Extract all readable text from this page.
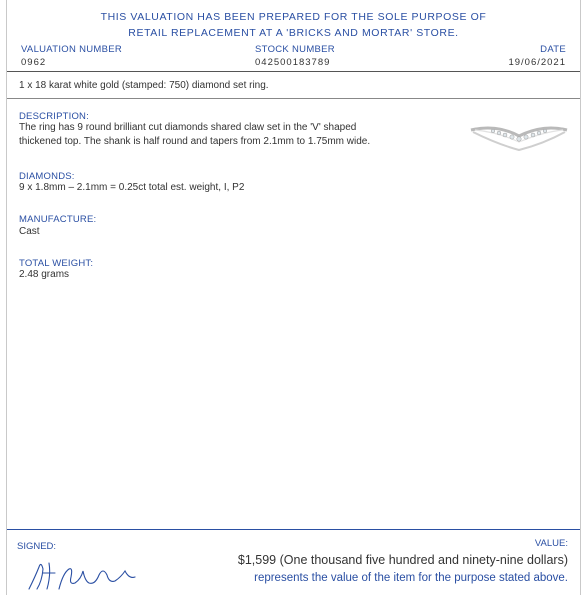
THIS VALUATION HAS BEEN PREPARED FOR THE SOLE PURPOSE OF
RETAIL REPLACEMENT AT A 'BRICKS AND MORTAR' STORE.
VALUATION NUMBER
0962
STOCK NUMBER
042500183789
DATE
19/06/2021
1 x 18 karat white gold (stamped: 750) diamond set ring.
DESCRIPTION:
The ring has 9 round brilliant cut diamonds shared claw set in the 'V' shaped
thickened top. The shank is half round and tapers from 2.1mm to 1.75mm wide.
DIAMONDS:
9 x 1.8mm – 2.1mm = 0.25ct total est. weight, I, P2
MANUFACTURE:
Cast
TOTAL WEIGHT:
2.48 grams
SIGNED:	VALUE:
$1,599 (One thousand five hundred and ninety-nine dollars)
represents the value of the item for the purpose stated above.
